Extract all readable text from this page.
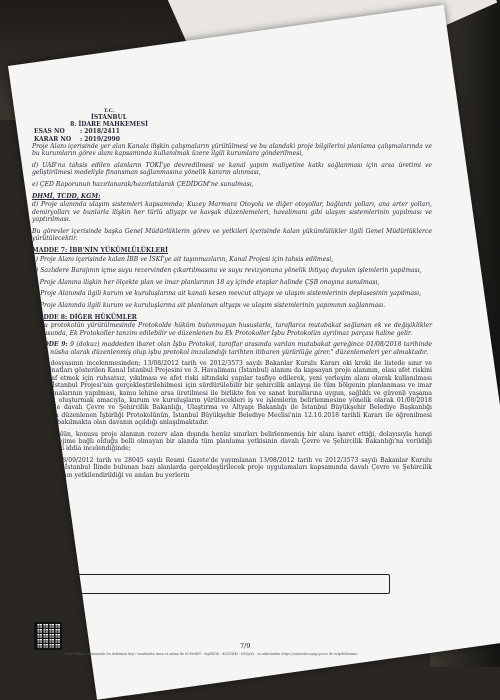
T.C.
İSTANBUL
8. İDARE MAHKEMESİ
ESAS NO	: 2018/2411
KARAR NO : 2019/2990

Proje Alanı içerisinde yer alan Kanala ilişkin çalışmaların yürütülmesi ve bu alandaki proje bilgilerini planlama çalışmalarında ve bu kurumların görev alanı kapsamında kullanılmak üzere ilgili kurumlara gönderilmesi,

d) UAB'na tahsis edilen alanların TOKİ'ye devredilmesi ve kanal yapım maliyetine katkı sağlanması için arsa üretimi ve geliştirilmesi modeliyle finansman sağlanmasına yönelik kararın alınması,

e) ÇED Raporunun hazırlanarak/hazırlatılarak ÇEDİDGM'ne sunulması,

DHMİ, TCDD, KGM:

d) Proje alanında ulaşım sistemleri kapsamında; Kuzey Marmara Otoyolu ve diğer otoyollar, bağlantı yolları, ana arter yolları, demiryolları ve bunlarla ilişkin her türlü altyapı ve kavşak düzenlemeleri, havalimanı gibi ulaşım sistemlerinin yapılması ve yaptırılması.

Bu görevler içerisinde başka Genel Müdürlüklerin görev ve yetkileri içerisinde kalan yükümlülükler ilgili Genel Müdürlüklerce yürütülecektir.

MADDE 7: İBB'NİN YÜKÜMLÜLÜKLERİ

a) Proje Alanı içerisinde kalan İBB ve İSKİ'ye ait taşınmazların, Kanal Projesi için tahsis edilmesi,

b) Sazlıdere Barajının içme suyu rezervinden çıkartılmasına ve suyu revizyonuna yönelik ihtiyaç duyulan işlemlerin yapılması,

c) Proje Alanına ilişkin her ölçekte plan ve imar planlarının 18 ay içinde etaplar halinde ÇŞB onayına sunulması,

d) Proje Alanında ilgili kurum ve kuruluşlarına ait kanalı kesen mevcut altyapı ve ulaşım sistemlerinin deplasesinin yapılması,

e) Proje Alanında ilgili kurum ve kuruluşlarına ait planlanan altyapı ve ulaşım sistemlerinin yapımının sağlanması.

MADDE 8: DİĞER HÜKÜMLER

İş bu protokolün yürütülmesinde Protokolde hüküm bulunmayan hususlarla, taraflarca mutabakat sağlanan ek ve değişiklikler konusunda, Ek Protokoller tanzim edilebilir ve düzenlenen bu Ek Protokoller İşbu Protokolün ayrılmaz parçası haline gelir.

MADDE 9: 9 (dokuz) maddeden ibaret olan İşbu Protokol, taraflar arasında varılan mutabakat gereğince 01/08/2018 tarihinde iki(3) nüsha olarak düzenlenmiş olup işbu protokol imzalandığı tarihten itibaren yürürlüğe girer." düzenlemeleri yer almaktadır.

Dava dosyasının incelenmesinden; 13/08/2012 tarih ve 2012/3573 sayılı Bakanlar Kurulu Kararı eki kroki ile listede sınır ve koordinatları gösterilen Kanal İstanbul Projesini ve 3. Havalimanı (İstanbul) alanını da kapsayan proje alanının, olası afet riskini bertaraf etmek için ruhsatsız, yıkılması ve afet riski altındaki yapılar tasfiye edilerek, yeni yerleşim alanı olarak kullanılması Kanal İstanbul Projesi'nin gerçekleştirilebilmesi için sürdürülebilir bir şehircilik anlayışı ile tüm bölgenin planlanması ve imar uygulamalarının yapılması, kamu lehine arsa üretilmesi ile birlikte fen ve sanat kurallarına uygun, sağlıklı ve güvenli yaşama alanları oluşturmak amacıyla, kurum ve kuruluşların yürütecekleri iş ve işlemlerin belirlenmesine yönelik olarak 01/08/2018 tarihinde davalı Çevre ve Şehircilik Bakanlığı, Ulaştırma ve Altyapı Bakanlığı ile İstanbul Büyükşehir Belediye Başkanlığı arasında düzenlenen İşbirliği Protokolünün, İstanbul Büyükşehir Belediye Meclisi'nin 12.10.2018 tarihli Kararı ile öğrenilmesi üzerine bakılmakta olan davanın açıldığı anlaşılmaktadır.

- Protokolün, konusu proje alanının rezerv alan dışında henüz sınırları belirlenmemiş bir alanı işaret ettiği, dolayısıyla hangi hukuki rejime bağlı olduğu belli olmayan bir alanda tüm planlama yetkisinin davalı Çevre ve Şehircilik Bakanlığı'na verildiği yönündeki iddia incelendiğinde;

Olayda, 08/09/2012 tarih ve 28045 sayılı Resmi Gazete'de yayımlanan 13/08/2012 tarih ve 2012/3573 sayılı Bakanlar Kurulu Kararı ile İstanbul İlinde bulunan bazı alanlarda gerçekleştirilecek proje uygulamaları kapsamında davalı Çevre ve Şehircilik Bakanlığı'nın yetkilendirildiği ve anılan bu yerlerin

7/9
UYAP Bilişim Sisteminde bu doküman kişi / tarafından imza ve adına ile 6UHvIl6Y - 6q6XIGk - dQ1GD4r - hEQyYo - m adresinden https://vatandas.uyap.gov.tr ile erişebilirsiniz.
